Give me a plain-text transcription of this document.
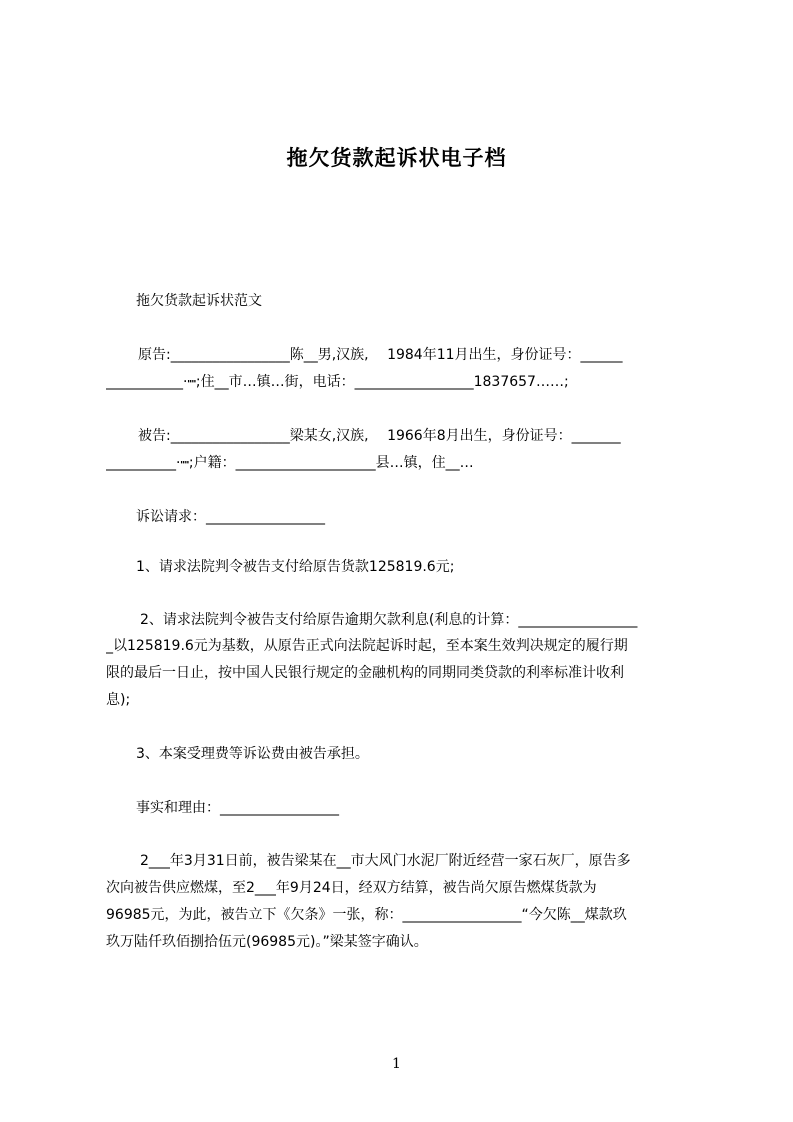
拖欠货款起诉状电子档
拖欠货款起诉状范文
原告:_________________陈__男,汉族,　 1984年11月出生，身份证号：______
___________·┉;住__市…镇…街，电话：_________________1837657……;
被告:_________________梁某女,汉族,　 1966年8月出生，身份证号：_______
__________·┉;户籍：____________________县…镇，住__…
诉讼请求：_________________
1、请求法院判令被告支付给原告货款125819.6元;
2、请求法院判令被告支付给原告逾期欠款利息(利息的计算：_________________
_以125819.6元为基数，从原告正式向法院起诉时起，至本案生效判决规定的履行期
限的最后一日止，按中国人民银行规定的金融机构的同期同类贷款的利率标准计收利
息);
3、本案受理费等诉讼费由被告承担。
事实和理由：_________________
2___年3月31日前，被告梁某在__市大风门水泥厂附近经营一家石灰厂，原告多
次向被告供应燃煤，至2___年9月24日，经双方结算，被告尚欠原告燃煤货款为
96985元，为此，被告立下《欠条》一张，称：_________________“今欠陈__煤款玖
玖万陆仟玖佰捌拾伍元(96985元)。”梁某签字确认。
1
